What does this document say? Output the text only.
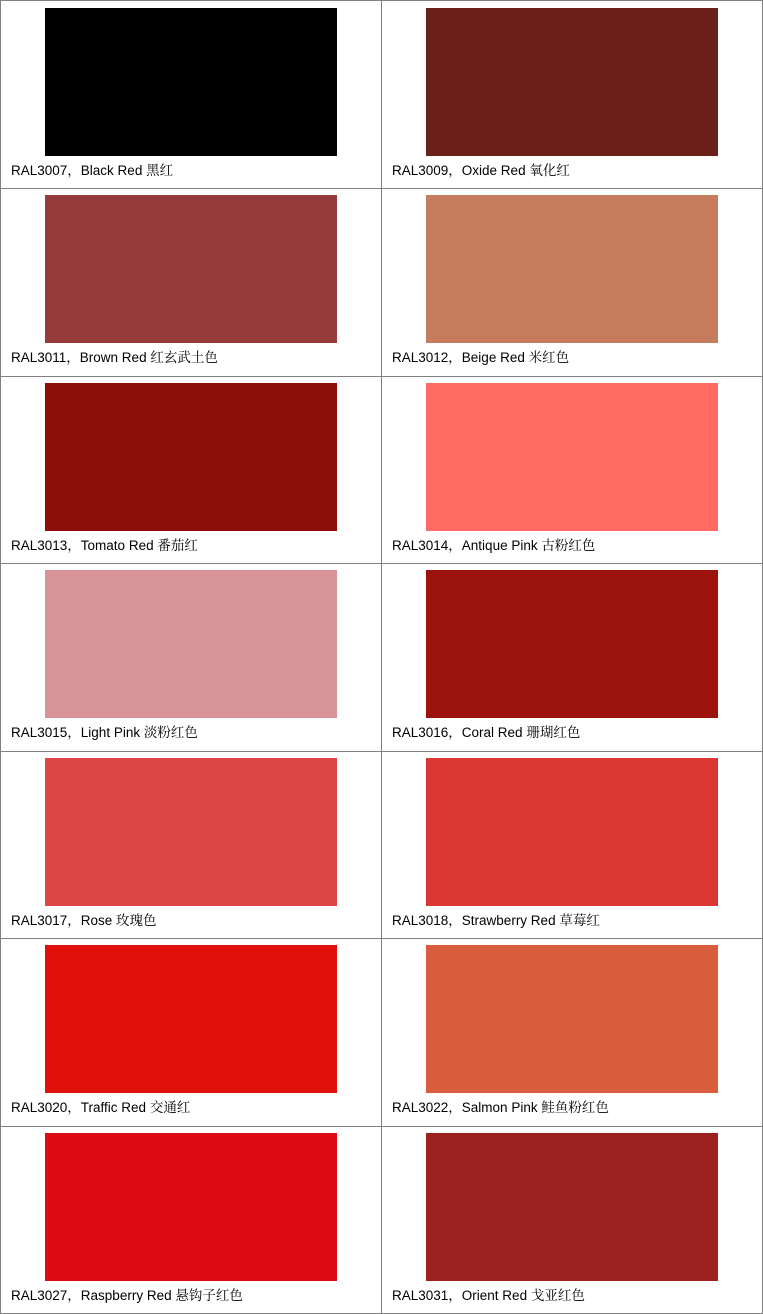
RAL3007，Black Red 黑红	RAL3009，Oxide Red 氧化红

RAL3011，Brown Red 红玄武土色	RAL3012，Beige Red 米红色

RAL3013，Tomato Red 番茄红	RAL3014，Antique Pink 古粉红色

RAL3015，Light Pink 淡粉红色	RAL3016，Coral Red 珊瑚红色

RAL3017，Rose 玫瑰色	RAL3018，Strawberry Red 草莓红

RAL3020，Traffic Red 交通红	RAL3022，Salmon Pink 鲑鱼粉红色

RAL3027，Raspberry Red 悬钩子红色	RAL3031，Orient Red 戈亚红色
